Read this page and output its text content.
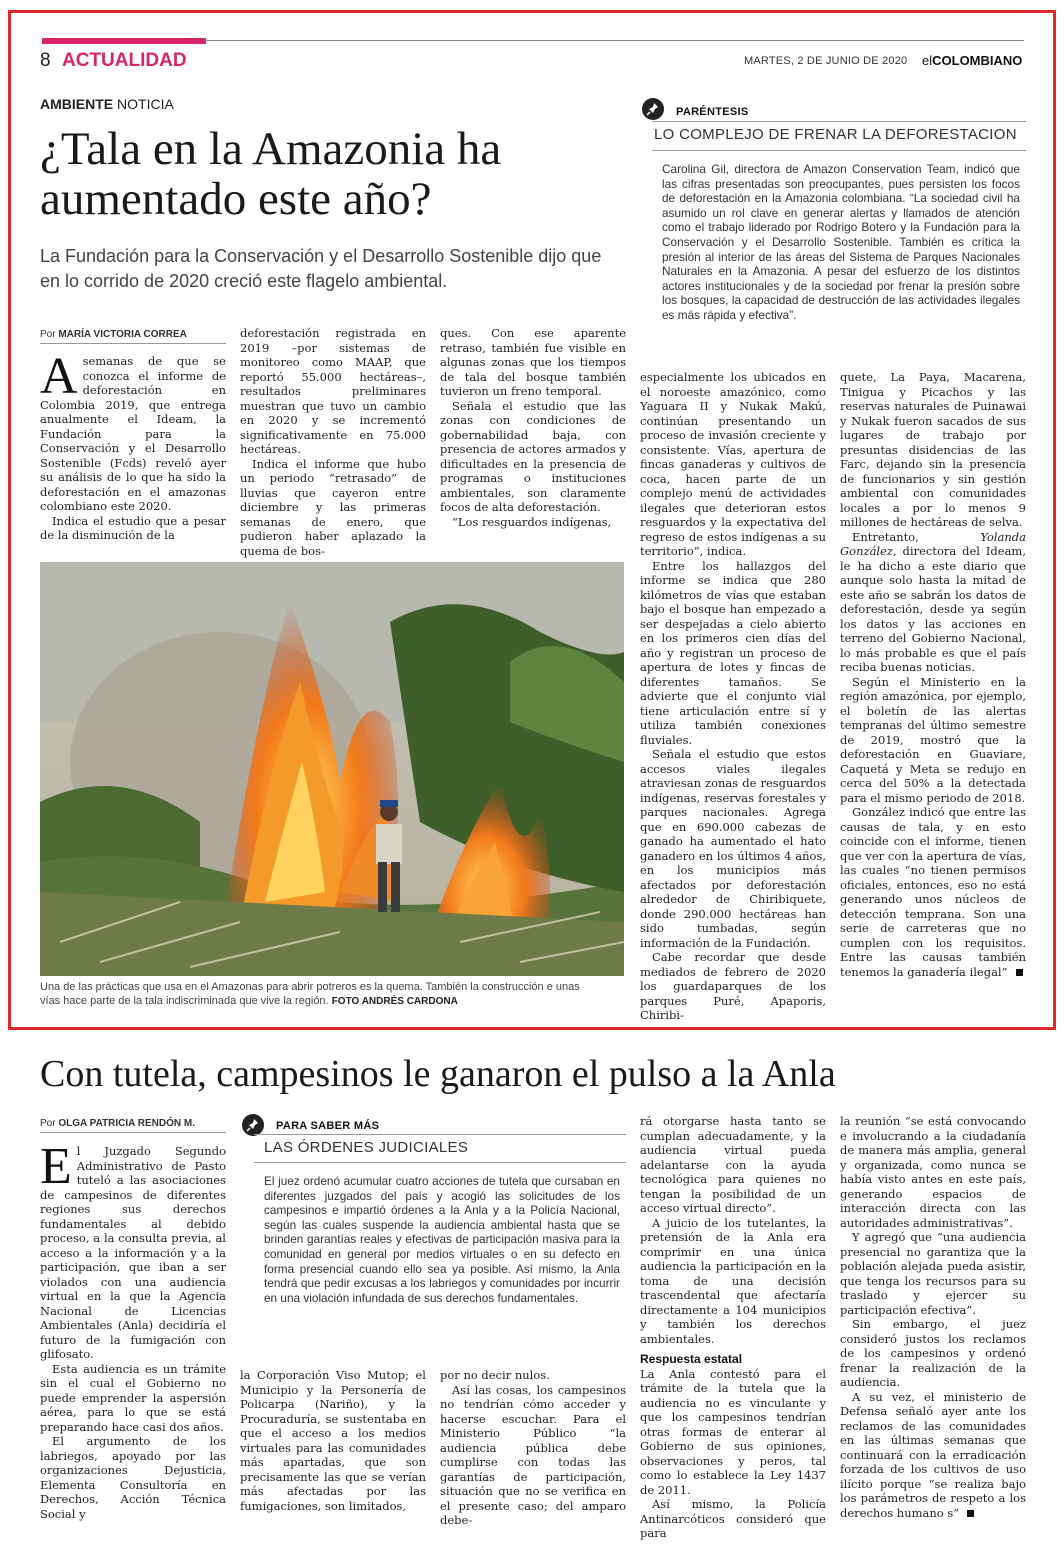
8 ACTUALIDAD	MARTES, 2 DE JUNIO DE 2020 elCOLOMBIANO
AMBIENTE NOTICIA
¿Tala en la Amazonia ha aumentado este año?
La Fundación para la Conservación y el Desarrollo Sostenible dijo que en lo corrido de 2020 creció este flagelo ambiental.
PARÉNTESIS
LO COMPLEJO DE FRENAR LA DEFORESTACION
Carolina Gil, directora de Amazon Conservation Team, indicó que las cifras presentadas son preocupantes, pues persisten los focos de deforestación en la Amazonia colombiana. “La sociedad civil ha asumido un rol clave en generar alertas y llamados de atención como el trabajo liderado por Rodrigo Botero y la Fundación para la Conservación y el Desarrollo Sostenible. También es crítica la presión al interior de las áreas del Sistema de Parques Nacionales Naturales en la Amazonia. A pesar del esfuerzo de los distintos actores institucionales y de la sociedad por frenar la presión sobre los bosques, la capacidad de destrucción de las actividades ilegales es más rápida y efectiva”.
Por MARÍA VICTORIA CORREA

Asemanas de que se conozca el informe de deforestación en Colombia 2019, que entrega anualmente el Ideam, la Fundación para la Conservación y el Desarrollo Sostenible (Fcds) reveló ayer su análisis de lo que ha sido la deforestación en el amazonas colombiano este 2020.

Indica el estudio que a pesar de la disminución de la

deforestación registrada en 2019 –por sistemas de monitoreo como MAAP, que reportó 55.000 hectáreas–, resultados preliminares muestran que tuvo un cambio en 2020 y se incrementó significativamente en 75.000 hectáreas.

Indica el informe que hubo un periodo “retrasado” de lluvias que cayeron entre diciembre y las primeras semanas de enero, que pudieron haber aplazado la quema de bos-

ques. Con ese aparente retraso, también fue visible en algunas zonas que los tiempos de tala del bosque también tuvieron un freno temporal.

Señala el estudio que las zonas con condiciones de gobernabilidad baja, con presencia de actores armados y dificultades en la presencia de programas o instituciones ambientales, son claramente focos de alta deforestación.

“Los resguardos indígenas,

Una de las prácticas que usa en el Amazonas para abrir potreros es la quema. También la construcción e unas vías hace parte de la tala indiscriminada que vive la región. FOTO ANDRÉS CARDONA

especialmente los ubicados en el noroeste amazónico, como Yaguara II y Nukak Makú, continúan presentando un proceso de invasión creciente y consistente. Vías, apertura de fincas ganaderas y cultivos de coca, hacen parte de un complejo menú de actividades ilegales que deterioran estos resguardos y la expectativa del regreso de estos indígenas a su territorio”, indica.

Entre los hallazgos del informe se indica que 280 kilómetros de vías que estaban bajo el bosque han empezado a ser despejadas a cielo abierto en los primeros cien días del año y registran un proceso de apertura de lotes y fincas de diferentes tamaños. Se advierte que el conjunto vial tiene articulación entre sí y utiliza también conexiones fluviales.

Señala el estudio que estos accesos viales ilegales atraviesan zonas de resguardos indígenas, reservas forestales y parques nacionales. Agrega que en 690.000 cabezas de ganado ha aumentado el hato ganadero en los últimos 4 años, en los municipios más afectados por deforestación alrededor de Chiribiquete, donde 290.000 hectáreas han sido tumbadas, según información de la Fundación.

Cabe recordar que desde mediados de febrero de 2020 los guardaparques de los parques Puré, Apaporis, Chiribi-

quete, La Paya, Macarena, Tinigua y Picachos y las reservas naturales de Puinawai y Nukak fueron sacados de sus lugares de trabajo por presuntas disidencias de las Farc, dejando sin la presencia de funcionarios y sin gestión ambiental con comunidades locales a por lo menos 9 millones de hectáreas de selva.

Entretanto, Yolanda González, directora del Ideam, le ha dicho a este diario que aunque solo hasta la mitad de este año se sabrán los datos de deforestación, desde ya según los datos y las acciones en terreno del Gobierno Nacional, lo más probable es que el país reciba buenas noticias.

Según el Ministerio en la región amazónica, por ejemplo, el boletín de las alertas tempranas del último semestre de 2019, mostró que la deforestación en Guaviare, Caquetá y Meta se redujo en cerca del 50% a la detectada para el mismo periodo de 2018.

González indicó que entre las causas de tala, y en esto coincide con el informe, tienen que ver con la apertura de vías, las cuales “no tienen permisos oficiales, entonces, eso no está generando unos núcleos de detección temprana. Son una serie de carreteras que no cumplen con los requisitos. Entre las causas también tenemos la ganadería ilegal”

Con tutela, campesinos le ganaron el pulso a la Anla
Por OLGA PATRICIA RENDÓN M.

El Juzgado Segundo Administrativo de Pasto tuteló a las asociaciones de campesinos de diferentes regiones sus derechos fundamentales al debido proceso, a la consulta previa, al acceso a la información y a la participación, que iban a ser violados con una audiencia virtual en la que la Agencia Nacional de Licencias Ambientales (Anla) decidiría el futuro de la fumigación con glifosato.

Esta audiencia es un trámite sin el cual el Gobierno no puede emprender la aspersión aérea, para lo que se está preparando hace casi dos años.

El argumento de los labriegos, apoyado por las organizaciones Dejusticia, Elementa Consultoría en Derechos, Acción Técnica Social y

PARA SABER MÁS
LAS ÓRDENES JUDICIALES
El juez ordenó acumular cuatro acciones de tutela que cursaban en diferentes juzgados del país y acogió las solicitudes de los campesinos e impartió órdenes a la Anla y a la Policía Nacional, según las cuales suspende la audiencia ambiental hasta que se brinden garantías reales y efectivas de participación masiva para la comunidad en general por medios virtuales o en su defecto en forma presencial cuando ello sea ya posible. Así mismo, la Anla tendrá que pedir excusas a los labriegos y comunidades por incurrir en una violación infundada de sus derechos fundamentales.

la Corporación Viso Mutop; el Municipio y la Personería de Policarpa (Nariño), y la Procuraduría, se sustentaba en que el acceso a los medios virtuales para las comunidades más apartadas, que son precisamente las que se verían más afectadas por las fumigaciones, son limitados,

por no decir nulos.

Así las cosas, los campesinos no tendrían cómo acceder y hacerse escuchar. Para el Ministerio Público “la audiencia pública debe cumplirse con todas las garantías de participación, situación que no se verifica en el presente caso; del amparo debe-

rá otorgarse hasta tanto se cumplan adecuadamente, y la audiencia virtual pueda adelantarse con la ayuda tecnológica para quienes no tengan la posibilidad de un acceso virtual directo”.

A juicio de los tutelantes, la pretensión de la Anla era comprimir en una única audiencia la participación en la toma de una decisión trascendental que afectaría directamente a 104 municipios y también los derechos ambientales.

Respuesta estatal

La Anla contestó para el trámite de la tutela que la audiencia no es vinculante y que los campesinos tendrían otras formas de enterar al Gobierno de sus opiniones, observaciones y peros, tal como lo establece la Ley 1437 de 2011.

Así mismo, la Policía Antinarcóticos consideró que para

la reunión “se está convocando e involucrando a la ciudadanía de manera más amplia, general y organizada, como nunca se había visto antes en este país, generando espacios de interacción directa con las autoridades administrativas”.

Y agregó que “una audiencia presencial no garantiza que la población alejada pueda asistir, que tenga los recursos para su traslado y ejercer su participación efectiva”.

Sin embargo, el juez consideró justos los reclamos de los campesinos y ordenó frenar la realización de la audiencia.

A su vez, el ministerio de Defensa señaló ayer ante los reclamos de las comunidades en las últimas semanas que continuará con la erradicación forzada de los cultivos de uso ilícito porque “se realiza bajo los parámetros de respeto a los derechos humano s”
